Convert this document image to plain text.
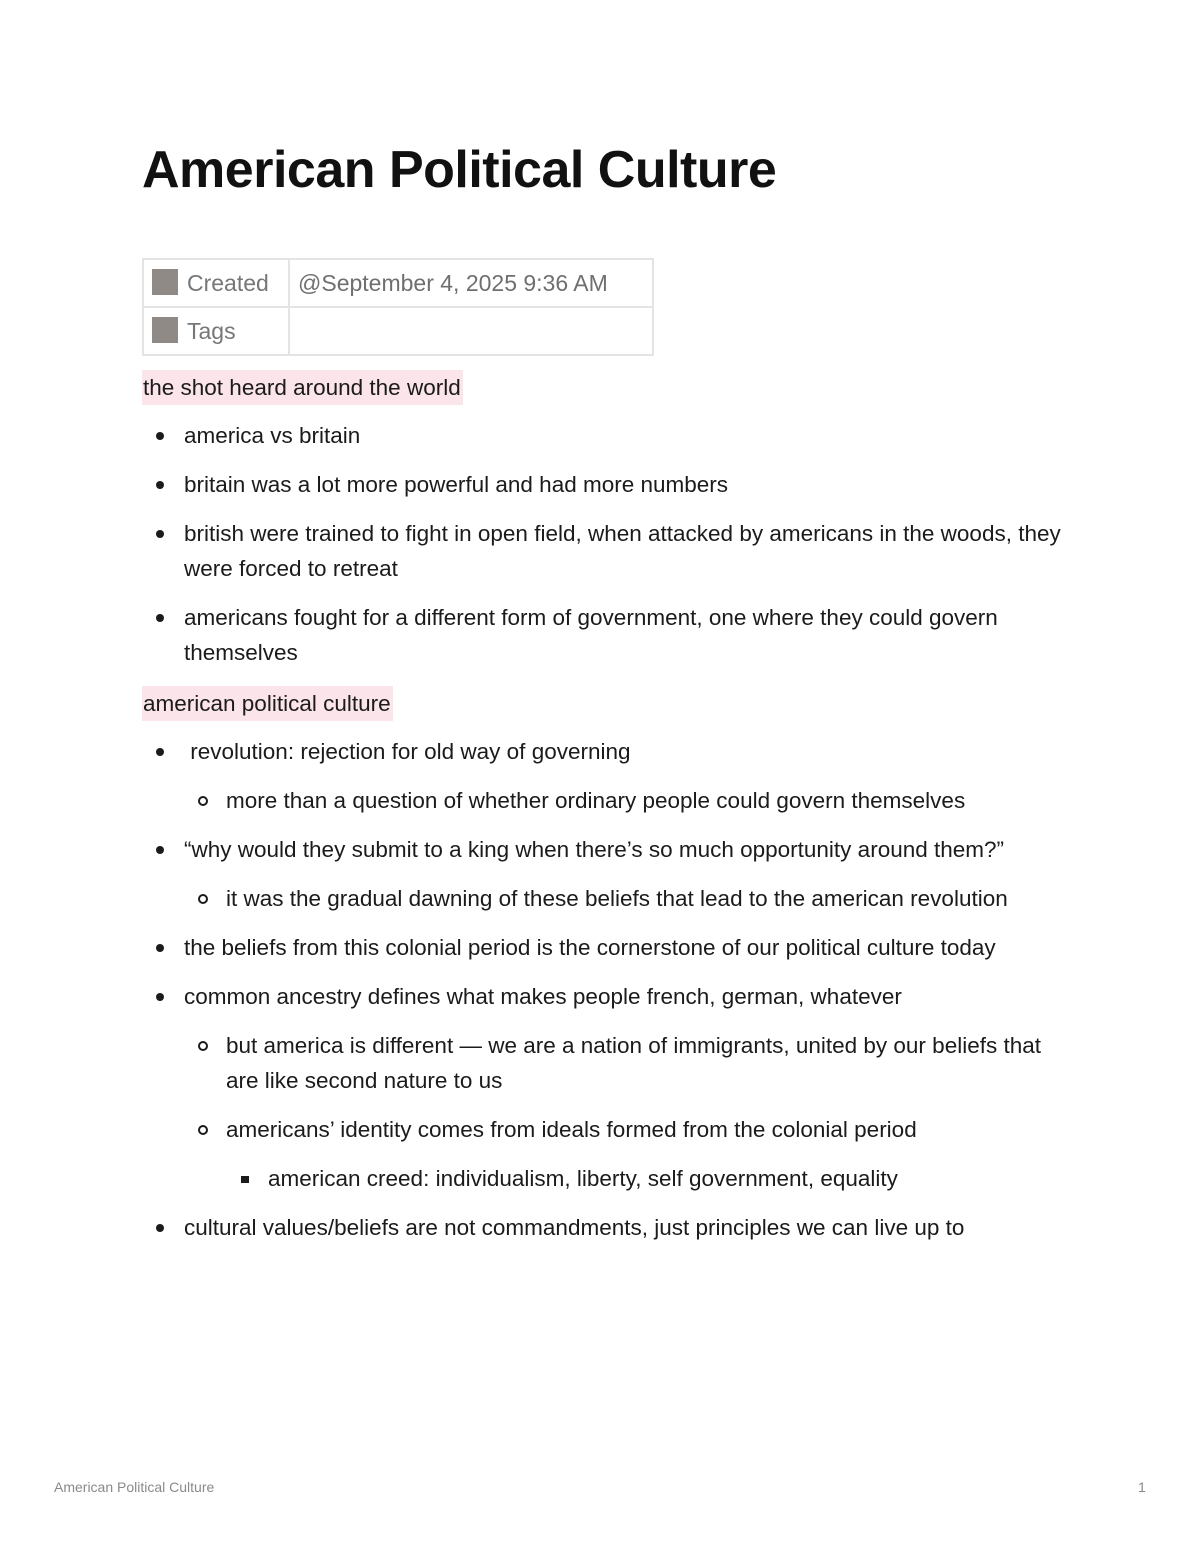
American Political Culture
Created	@September 4, 2025 9:36 AM
Tags	
the shot heard around the world
america vs britain
britain was a lot more powerful and had more numbers
british were trained to fight in open field, when attacked by americans in the woods, they were forced to retreat
americans fought for a different form of government, one where they could govern themselves
american political culture
revolution: rejection for old way of governing
more than a question of whether ordinary people could govern themselves
“why would they submit to a king when there’s so much opportunity around them?”
it was the gradual dawning of these beliefs that lead to the american revolution
the beliefs from this colonial period is the cornerstone of our political culture today
common ancestry defines what makes people french, german, whatever
but america is different — we are a nation of immigrants, united by our beliefs that are like second nature to us
americans’ identity comes from ideals formed from the colonial period
american creed: individualism, liberty, self government, equality
cultural values/beliefs are not commandments, just principles we can live up to
American Political Culture	1
